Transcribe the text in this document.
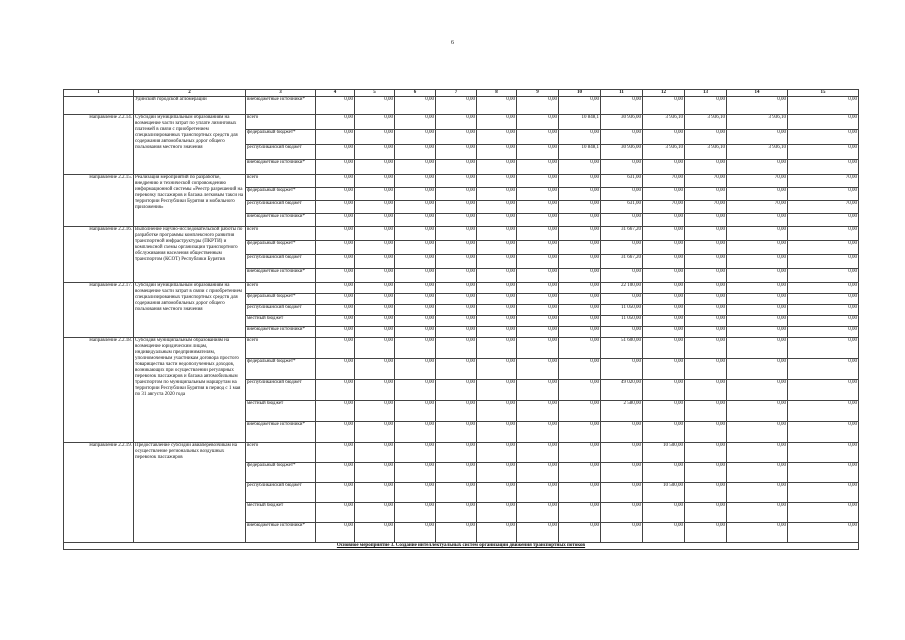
6
1	2	3	4	5	6	7	8	9	10	11	12	13	14	15
	Удинский городской агломерации	внебюджетные источники*	0,00	0,00	0,00	0,00	0,00	0,00	0,00	0,00	0,00	0,00	0,00	0,00
Направление 2.2.14.	Субсидии муниципальным образованиям на возмещение части затрат по уплате лизинговых платежей в связи с приобретением специализированных транспортных средств для содержания автомобильных дорог общего пользования местного значения	всего	0,00	0,00	0,00	0,00	0,00	0,00	10 848,1	30 936,00	3 936,10	3 936,10	3 936,10	0,00
		федеральный бюджет*	0,00	0,00	0,00	0,00	0,00	0,00	0,00	0,00	0,00	0,00	0,00	0,00
		республиканский бюджет	0,00	0,00	0,00	0,00	0,00	0,00	10 848,1	30 936,00	3 936,10	3 936,10	3 936,10	0,00
		внебюджетные источники*	0,00	0,00	0,00	0,00	0,00	0,00	0,00	0,00	0,00	0,00	0,00	0,00
Направление 2.2.15.	Реализация мероприятий по разработке, внедрению и технической сопровождению информационной системы «Реестр разрешений на перевозку пассажиров и багажа легковым такси на территории Республики Бурятия и мобильного приложения»	всего	0,00	0,00	0,00	0,00	0,00	0,00	0,00	631,00	70,00	70,00	70,00	70,00
		федеральный бюджет*	0,00	0,00	0,00	0,00	0,00	0,00	0,00	0,00	0,00	0,00	0,00	0,00
		республиканский бюджет	0,00	0,00	0,00	0,00	0,00	0,00	0,00	631,00	70,00	70,00	70,00	70,00
		внебюджетные источники*	0,00	0,00	0,00	0,00	0,00	0,00	0,00	0,00	0,00	0,00	0,00	0,00
Направление 2.2.16.	Выполнение научно-исследовательской работы по разработке программы комплексного развития транспортной инфраструктуры (ПКРТИ) и комплексной схемы организации транспортного обслуживания населения общественным транспортом (КСОТ) Республики Бурятия	всего	0,00	0,00	0,00	0,00	0,00	0,00	0,00	31 667,20	0,00	0,00	0,00	0,00
		федеральный бюджет*	0,00	0,00	0,00	0,00	0,00	0,00	0,00	0,00	0,00	0,00	0,00	0,00
		республиканский бюджет	0,00	0,00	0,00	0,00	0,00	0,00	0,00	31 667,20	0,00	0,00	0,00	0,00
		внебюджетные источники*	0,00	0,00	0,00	0,00	0,00	0,00	0,00	0,00	0,00	0,00	0,00	0,00
Направление 2.2.17.	Субсидии муниципальным образованиям на возмещение части затрат в связи с приобретением специализированных транспортных средств для содержания автомобильных дорог общего пользования местного значения	всего	0,00	0,00	0,00	0,00	0,00	0,00	0,00	22 100,00	0,00	0,00	0,00	0,00
		федеральный бюджет*	0,00	0,00	0,00	0,00	0,00	0,00	0,00	0,00	0,00	0,00	0,00	0,00
		республиканский бюджет	0,00	0,00	0,00	0,00	0,00	0,00	0,00	11 050,00	0,00	0,00	0,00	0,00
		местный бюджет	0,00	0,00	0,00	0,00	0,00	0,00	0,00	11 050,00	0,00	0,00	0,00	0,00
		внебюджетные источники*	0,00	0,00	0,00	0,00	0,00	0,00	0,00	0,00	0,00	0,00	0,00	0,00
Направление 2.2.18.	Субсидия муниципальным образованиям на возмещение юридическим лицам, индивидуальным предпринимателям, уполномоченным участникам договора простого товарищества части недополученных доходов, возникающих при осуществлении регулярных перевозок пассажиров и багажа автомобильным транспортом по муниципальным маршрутам на территории Республики Бурятия в период с 1 мая по 31 августа 2020 года	всего	0,00	0,00	0,00	0,00	0,00	0,00	0,00	51 600,00	0,00	0,00	0,00	0,00
		федеральный бюджет*	0,00	0,00	0,00	0,00	0,00	0,00	0,00	0,00	0,00	0,00	0,00	0,00
		республиканский бюджет	0,00	0,00	0,00	0,00	0,00	0,00	0,00	49 020,00	0,00	0,00	0,00	0,00
		местный бюджет	0,00	0,00	0,00	0,00	0,00	0,00	0,00	2 580,00	0,00	0,00	0,00	0,00
		внебюджетные источники*	0,00	0,00	0,00	0,00	0,00	0,00	0,00	0,00	0,00	0,00	0,00	0,00
Направление 2.2.19.	Предоставление субсидии авиаперевозчикам на осуществление региональных воздушных перевозок пассажиров	всего	0,00	0,00	0,00	0,00	0,00	0,00	0,00	0,00	10 500,00	0,00	0,00	0,00
		федеральный бюджет*	0,00	0,00	0,00	0,00	0,00	0,00	0,00	0,00	0,00	0,00	0,00	0,00
		республиканский бюджет	0,00	0,00	0,00	0,00	0,00	0,00	0,00	0,00	10 500,00	0,00	0,00	0,00
		местный бюджет	0,00	0,00	0,00	0,00	0,00	0,00	0,00	0,00	0,00	0,00	0,00	0,00
		внебюджетные источники*	0,00	0,00	0,00	0,00	0,00	0,00	0,00	0,00	0,00	0,00	0,00	0,00
Основное мероприятие 3. Создание интеллектуальных систем организации движения транспортных потоков														
